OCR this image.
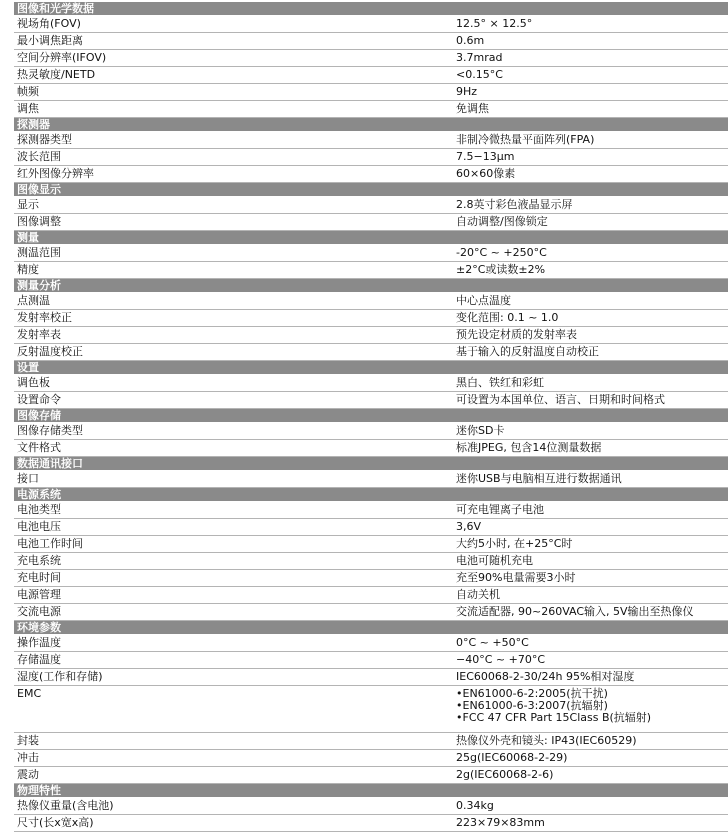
图像和光学数据
视场角(FOV)	12.5° × 12.5°
最小调焦距离	0.6m
空间分辨率(IFOV)	3.7mrad
热灵敏度/NETD	<0.15°C
帧频	9Hz
调焦	免调焦
探测器
探测器类型	非制冷微热量平面阵列(FPA)
波长范围	7.5−13μm
红外图像分辨率	60×60像素
图像显示
显示	2.8英寸彩色液晶显示屏
图像调整	自动调整/图像锁定
测量
测温范围	-20°C ~ +250°C
精度	±2°C或读数±2%
测量分析
点测温	中心点温度
发射率校正	变化范围: 0.1 ~ 1.0
发射率表	预先设定材质的发射率表
反射温度校正	基于输入的反射温度自动校正
设置
调色板	黑白、铁红和彩虹
设置命令	可设置为本国单位、语言、日期和时间格式
图像存储
图像存储类型	迷你SD卡
文件格式	标准JPEG, 包含14位测量数据
数据通讯接口
接口	迷你USB与电脑相互进行数据通讯
电源系统
电池类型	可充电锂离子电池
电池电压	3,6V
电池工作时间	大约5小时, 在+25°C时
充电系统	电池可随机充电
充电时间	充至90%电量需要3小时
电源管理	自动关机
交流电源	交流适配器, 90~260VAC输入, 5V输出至热像仪
环境参数
操作温度	0°C ~ +50°C
存储温度	−40°C ~ +70°C
湿度(工作和存储)	IEC60068-2-30/24h 95%相对湿度
EMC	•EN61000-6-2:2005(抗干扰)
•EN61000-6-3:2007(抗辐射)
•FCC 47 CFR Part 15Class B(抗辐射)
封装	热像仪外壳和镜头: IP43(IEC60529)
冲击	25g(IEC60068-2-29)
震动	2g(IEC60068-2-6)
物理特性
热像仪重量(含电池)	0.34kg
尺寸(长x宽x高)	223×79×83mm
